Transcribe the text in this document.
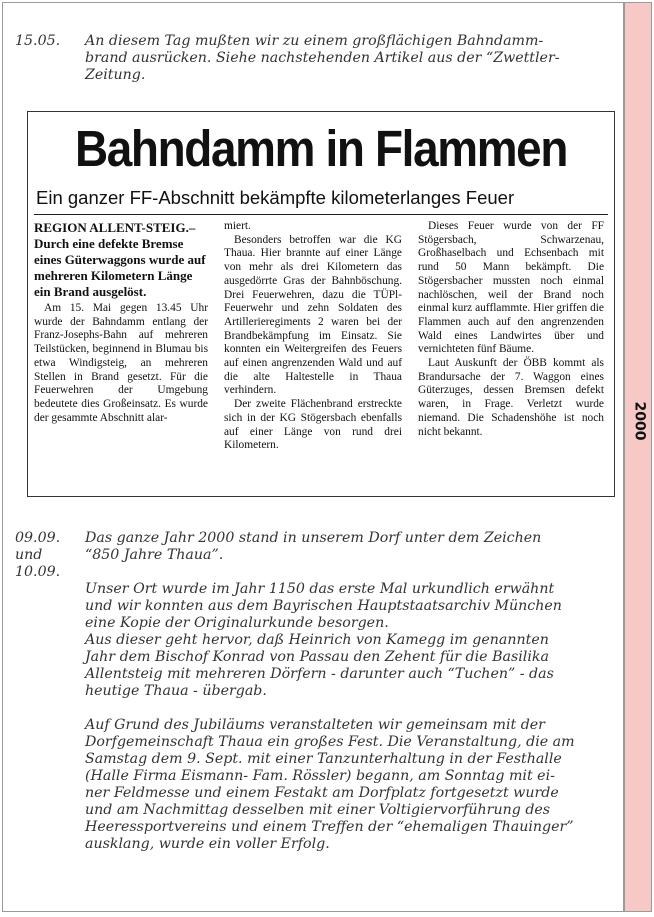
2000
15.05.	An diesem Tag mußten wir zu einem großflächigen Bahndamm-
brand ausrücken. Siehe nachstehenden Artikel aus der “Zwettler-
Zeitung.
Bahndamm in Flammen
Ein ganzer FF-Abschnitt bekämpfte kilometerlanges Feuer

REGION ALLENT-STEIG.– Durch eine defekte Bremse eines Güterwaggons wurde auf mehreren Kilometern Länge ein Brand ausgelöst.

Am 15. Mai gegen 13.45 Uhr wurde der Bahndamm entlang der Franz-Josephs-Bahn auf mehreren Teilstücken, beginnend in Blumau bis etwa Windigsteig, an mehreren Stellen in Brand gesetzt. Für die Feuerwehren der Umgebung bedeutete dies Großeinsatz. Es wurde der gesammte Abschnitt alar-

miert.

Besonders betroffen war die KG Thaua. Hier brannte auf einer Länge von mehr als drei Kilometern das ausgedörrte Gras der Bahnböschung. Drei Feuerwehren, dazu die TÜPl-Feuerwehr und zehn Soldaten des Artillerieregiments 2 waren bei der Brandbekämpfung im Einsatz. Sie konnten ein Weitergreifen des Feuers auf einen angrenzenden Wald und auf die alte Haltestelle in Thaua verhindern.

Der zweite Flächenbrand erstreckte sich in der KG Stögersbach ebenfalls auf einer Länge von rund drei Kilometern.

Dieses Feuer wurde von der FF Stögersbach, Schwarzenau, Großhaselbach und Echsenbach mit rund 50 Mann bekämpft. Die Stögersbacher mussten noch einmal nachlöschen, weil der Brand noch einmal kurz aufflammte. Hier griffen die Flammen auch auf den angrenzenden Wald eines Landwirtes über und vernichteten fünf Bäume.

Laut Auskunft der ÖBB kommt als Brandursache der 7. Waggon eines Güterzuges, dessen Bremsen defekt waren, in Frage. Verletzt wurde niemand. Die Schadenshöhe ist noch nicht bekannt.

09.09.
und
10.09.
Das ganze Jahr 2000 stand in unserem Dorf unter dem Zeichen
“850 Jahre Thaua”.
Unser Ort wurde im Jahr 1150 das erste Mal urkundlich erwähnt
und wir konnten aus dem Bayrischen Hauptstaatsarchiv München
eine Kopie der Originalurkunde besorgen.
Aus dieser geht hervor, daß Heinrich von Kamegg im genannten
Jahr dem Bischof Konrad von Passau den Zehent für die Basilika
Allentsteig mit mehreren Dörfern - darunter auch “Tuchen” - das
heutige Thaua - übergab.
Auf Grund des Jubiläums veranstalteten wir gemeinsam mit der
Dorfgemeinschaft Thaua ein großes Fest. Die Veranstaltung, die am
Samstag dem 9. Sept. mit einer Tanzunterhaltung in der Festhalle
(Halle Firma Eismann- Fam. Rössler) begann, am Sonntag mit ei-
ner Feldmesse und einem Festakt am Dorfplatz fortgesetzt wurde
und am Nachmittag desselben mit einer Voltigiervorführung des
Heeressportvereins und einem Treffen der “ehemaligen Thauinger”
ausklang, wurde ein voller Erfolg.
